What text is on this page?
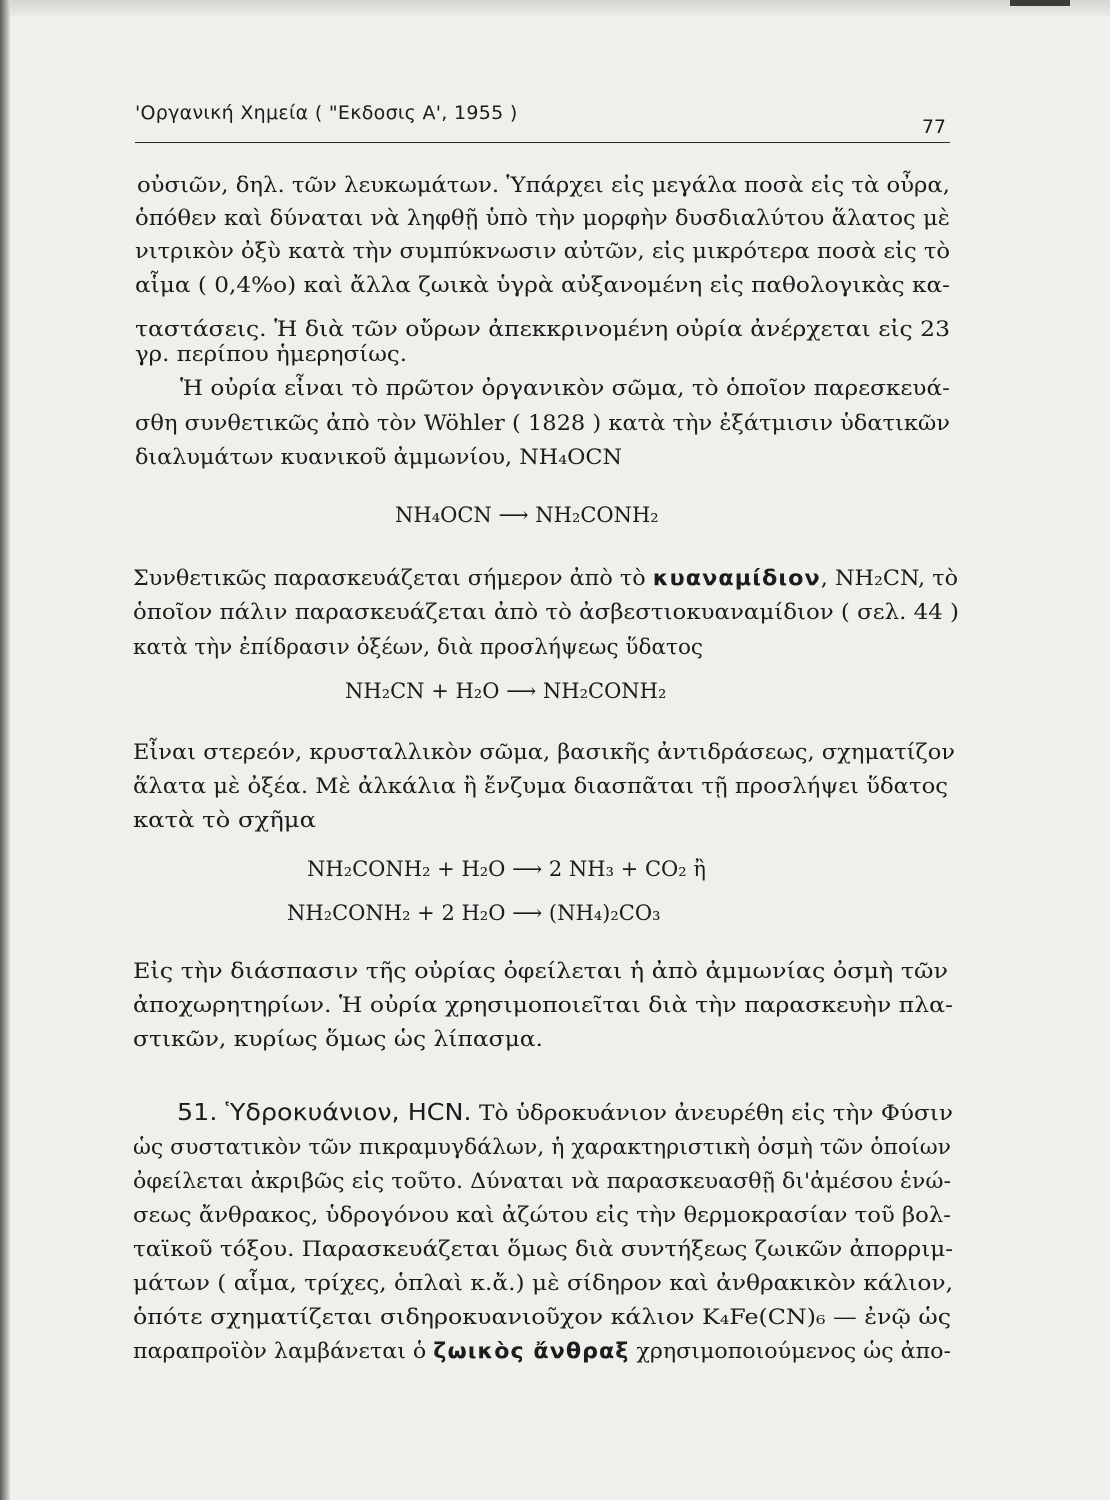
'Οργανική Χημεία ( "Εκδοσις Α', 1955 )
77
οὐσιῶν, δηλ. τῶν λευκωμάτων. Ὑπάρχει εἰς μεγάλα ποσὰ εἰς τὰ οὖρα,
ὁπόθεν καὶ δύναται νὰ ληφθῇ ὑπὸ τὴν μορφὴν δυσδιαλύτου ἅλατος μὲ
νιτρικὸν ὀξὺ κατὰ τὴν συμπύκνωσιν αὐτῶν, εἰς μικρότερα ποσὰ εἰς τὸ
αἷμα ( 0,4%o) καὶ ἄλλα ζωικὰ ὑγρὰ αὐξανομένη εἰς παθολογικὰς κα-
ταστάσεις. Ἡ διὰ τῶν οὔρων ἀπεκκρινομένη οὐρία ἀνέρχεται εἰς 23
γρ. περίπου ἡμερησίως.
Ἡ οὐρία εἶναι τὸ πρῶτον ὀργανικὸν σῶμα, τὸ ὁποῖον παρεσκευά-
σθη συνθετικῶς ἀπὸ τὸν Wöhler ( 1828 ) κατὰ τὴν ἐξάτμισιν ὑδατικῶν
διαλυμάτων κυανικοῦ ἀμμωνίου, NH₄OCN
NH₄OCN ⟶ NH₂CONH₂
Συνθετικῶς παρασκευάζεται σήμερον ἀπὸ τὸ κυαναμίδιον, NH₂CN, τὸ
ὁποῖον πάλιν παρασκευάζεται ἀπὸ τὸ ἀσβεστιοκυαναμίδιον ( σελ. 44 )
κατὰ τὴν ἐπίδρασιν ὀξέων, διὰ προσλήψεως ὕδατος
NH₂CN + H₂O ⟶ NH₂CONH₂
Εἶναι στερεόν, κρυσταλλικὸν σῶμα, βασικῆς ἀντιδράσεως, σχηματίζον
ἅλατα μὲ ὀξέα. Μὲ ἀλκάλια ἢ ἔνζυμα διασπᾶται τῇ προσλήψει ὕδατος
κατὰ τὸ σχῆμα
NH₂CONH₂ + H₂O ⟶ 2 NH₃ + CO₂ ἢ
NH₂CONH₂ + 2 H₂O ⟶ (NH₄)₂CO₃
Εἰς τὴν διάσπασιν τῆς οὐρίας ὀφείλεται ἡ ἀπὸ ἀμμωνίας ὀσμὴ τῶν
ἀποχωρητηρίων. Ἡ οὐρία χρησιμοποιεῖται διὰ τὴν παρασκευὴν πλα-
στικῶν, κυρίως ὅμως ὡς λίπασμα.
51. Ὑδροκυάνιον, HCN. Τὸ ὑδροκυάνιον ἀνευρέθη εἰς τὴν Φύσιν
ὡς συστατικὸν τῶν πικραμυγδάλων, ἡ χαρακτηριστικὴ ὀσμὴ τῶν ὁποίων
ὀφείλεται ἀκριβῶς εἰς τοῦτο. Δύναται νὰ παρασκευασθῇ δι'ἀμέσου ἑνώ-
σεως ἄνθρακος, ὑδρογόνου καὶ ἀζώτου εἰς τὴν θερμοκρασίαν τοῦ βολ-
ταϊκοῦ τόξου. Παρασκευάζεται ὅμως διὰ συντήξεως ζωικῶν ἀπορριμ-
μάτων ( αἷμα, τρίχες, ὁπλαὶ κ.ἄ.) μὲ σίδηρον καὶ ἀνθρακικὸν κάλιον,
ὁπότε σχηματίζεται σιδηροκυανιοῦχον κάλιον K₄Fe(CN)₆ — ἐνῷ ὡς
παραπροϊὸν λαμβάνεται ὁ ζωικὸς ἄνθραξ χρησιμοποιούμενος ὡς ἀπο-
